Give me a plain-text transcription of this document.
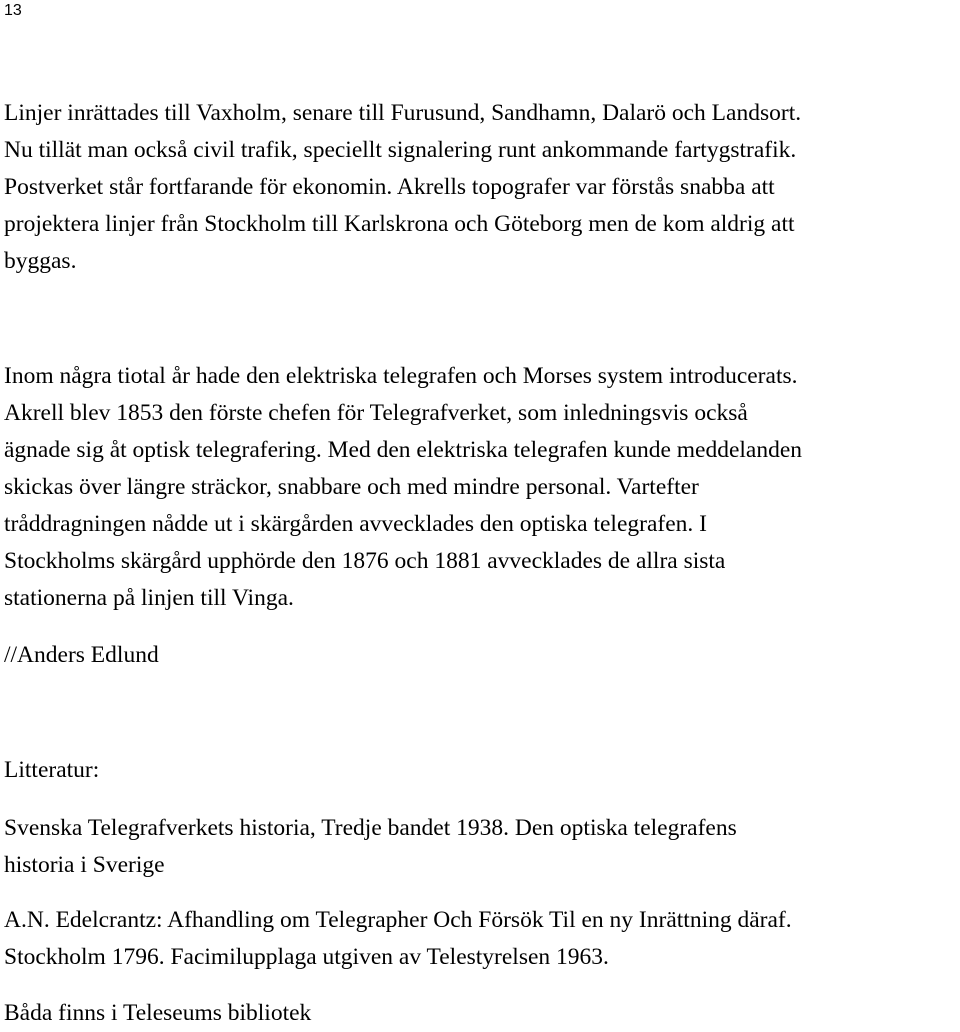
13
Linjer inrättades till Vaxholm, senare till Furusund, Sandhamn, Dalarö och Landsort.
Nu tillät man också civil trafik, speciellt signalering runt ankommande fartygstrafik.
Postverket står fortfarande för ekonomin. Akrells topografer var förstås snabba att
projektera linjer från Stockholm till Karlskrona och Göteborg men de kom aldrig att
byggas.
Inom några tiotal år hade den elektriska telegrafen och Morses system introducerats.
Akrell blev 1853 den förste chefen för Telegrafverket, som inledningsvis också
ägnade sig åt optisk telegrafering. Med den elektriska telegrafen kunde meddelanden
skickas över längre sträckor, snabbare och med mindre personal. Vartefter
tråddragningen nådde ut i skärgården avvecklades den optiska telegrafen. I
Stockholms skärgård upphörde den 1876 och 1881 avvecklades de allra sista
stationerna på linjen till Vinga.
//Anders Edlund
Litteratur:
Svenska Telegrafverkets historia, Tredje bandet 1938. Den optiska telegrafens
historia i Sverige
A.N. Edelcrantz: Afhandling om Telegrapher Och Försök Til en ny Inrättning däraf.
Stockholm 1796. Facimilupplaga utgiven av Telestyrelsen 1963.
Båda finns i Teleseums bibliotek
